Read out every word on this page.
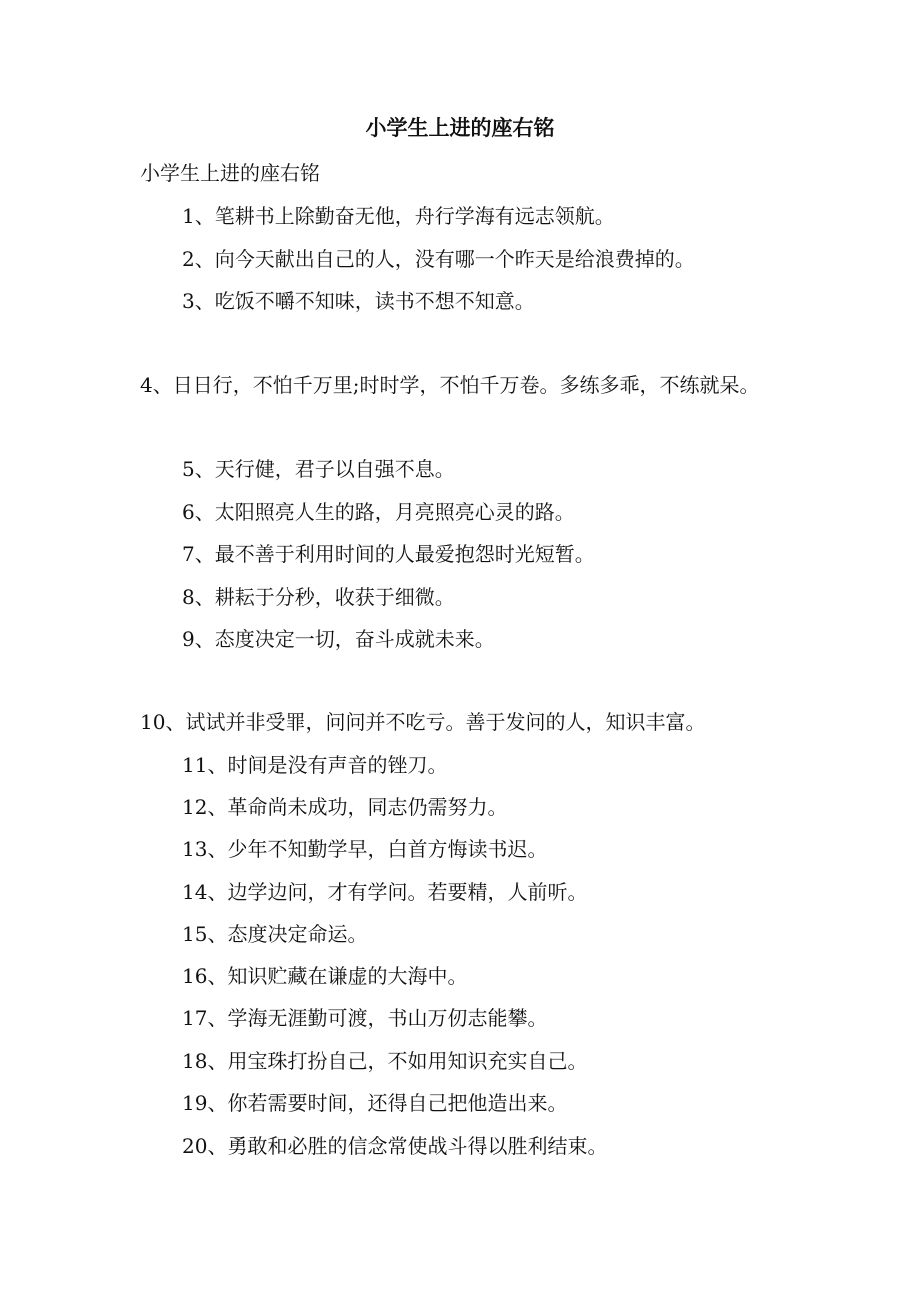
小学生上进的座右铭
小学生上进的座右铭
1、笔耕书上除勤奋无他，舟行学海有远志领航。
2、向今天献出自己的人，没有哪一个昨天是给浪费掉的。
3、吃饭不嚼不知味，读书不想不知意。
4、日日行，不怕千万里;时时学，不怕千万卷。多练多乖，不练就呆。
5、天行健，君子以自强不息。
6、太阳照亮人生的路，月亮照亮心灵的路。
7、最不善于利用时间的人最爱抱怨时光短暂。
8、耕耘于分秒，收获于细微。
9、态度决定一切，奋斗成就未来。
10、试试并非受罪，问问并不吃亏。善于发问的人，知识丰富。
11、时间是没有声音的锉刀。
12、革命尚未成功，同志仍需努力。
13、少年不知勤学早，白首方悔读书迟。
14、边学边问，才有学问。若要精，人前听。
15、态度决定命运。
16、知识贮藏在谦虚的大海中。
17、学海无涯勤可渡，书山万仞志能攀。
18、用宝珠打扮自己，不如用知识充实自己。
19、你若需要时间，还得自己把他造出来。
20、勇敢和必胜的信念常使战斗得以胜利结束。
